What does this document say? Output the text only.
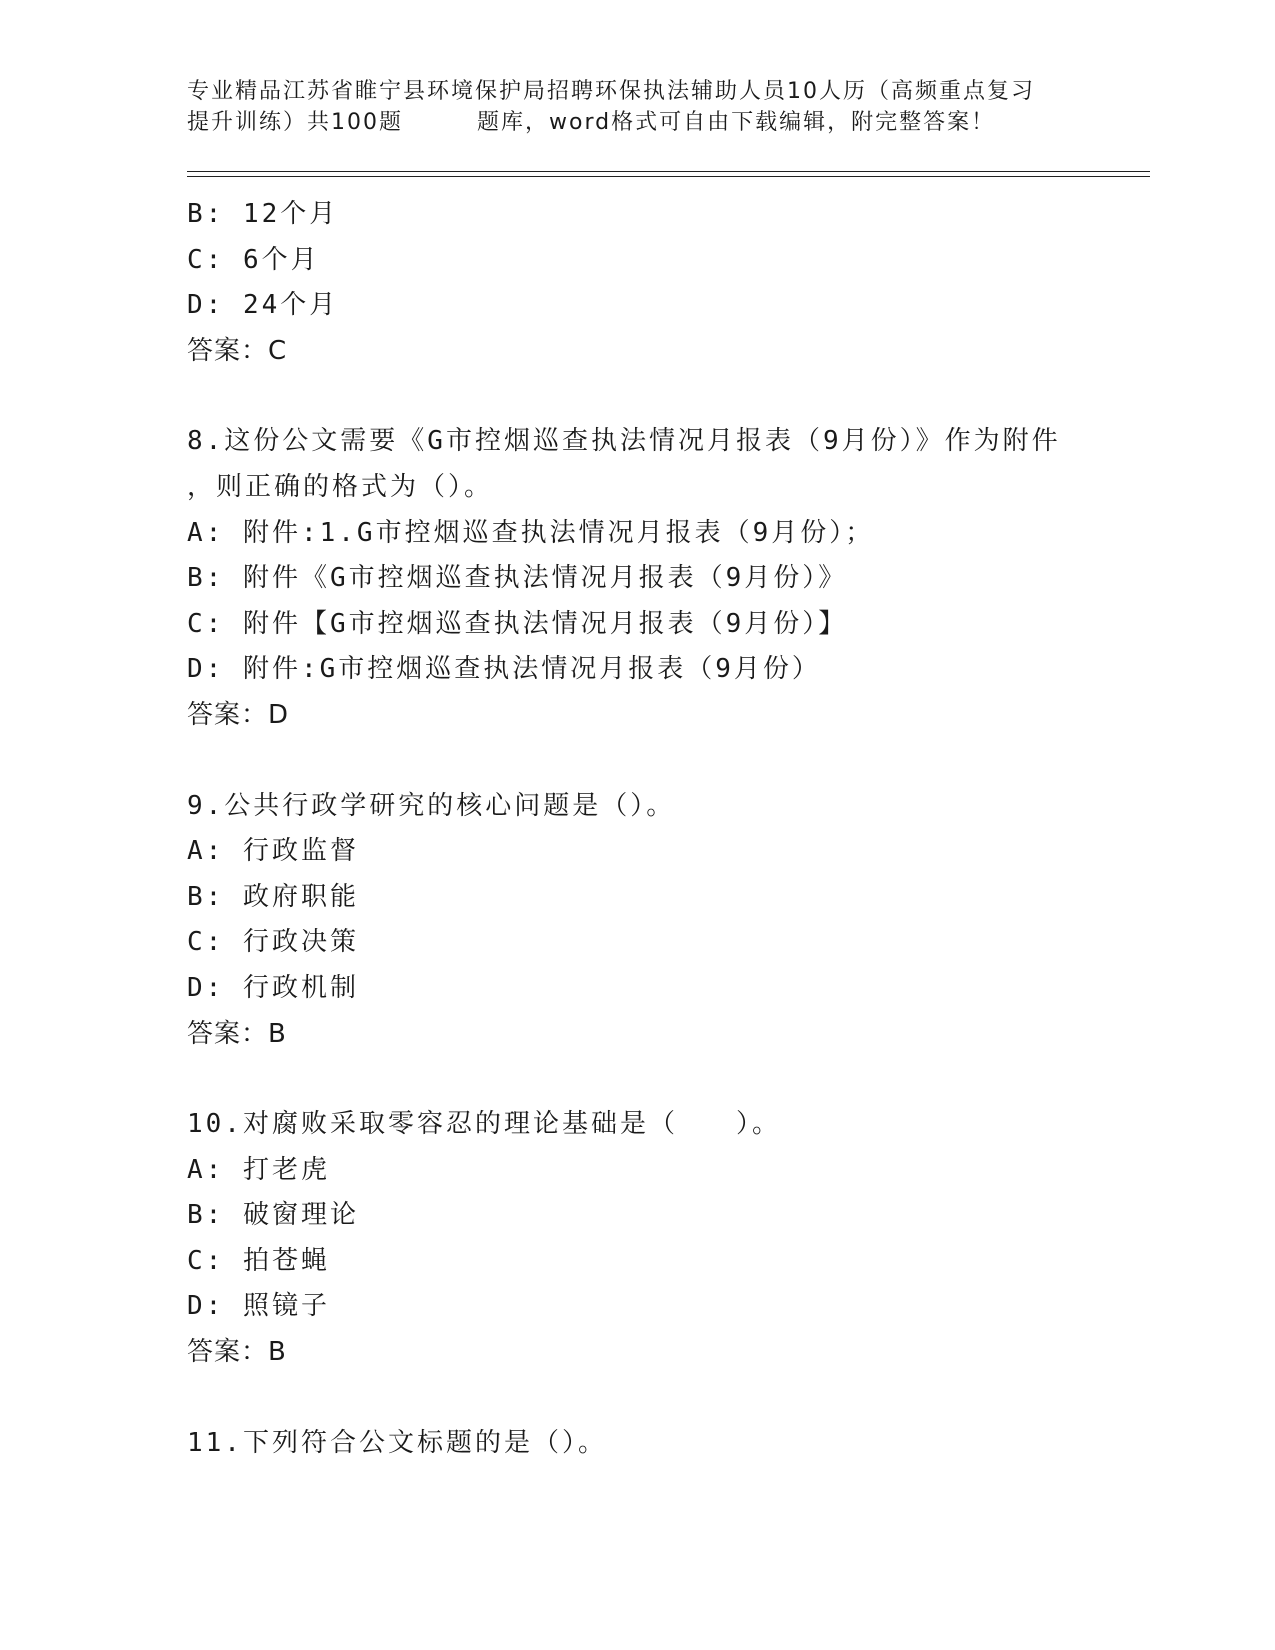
专业精品江苏省睢宁县环境保护局招聘环保执法辅助人员10人历（高频重点复习
提升训练）共100题	题库，word格式可自由下载编辑，附完整答案！
B: 12个月
C: 6个月
D: 24个月
答案：C
8.这份公文需要《G市控烟巡查执法情况月报表（9月份）》作为附件
，则正确的格式为（）。
A: 附件:1.G市控烟巡查执法情况月报表（9月份）；
B: 附件《G市控烟巡查执法情况月报表（9月份）》
C: 附件【G市控烟巡查执法情况月报表（9月份）】
D: 附件:G市控烟巡查执法情况月报表（9月份）
答案：D
9.公共行政学研究的核心问题是（）。
A: 行政监督
B: 政府职能
C: 行政决策
D: 行政机制
答案：B
10.对腐败采取零容忍的理论基础是（　　）。
A: 打老虎
B: 破窗理论
C: 拍苍蝇
D: 照镜子
答案：B
11.下列符合公文标题的是（）。
